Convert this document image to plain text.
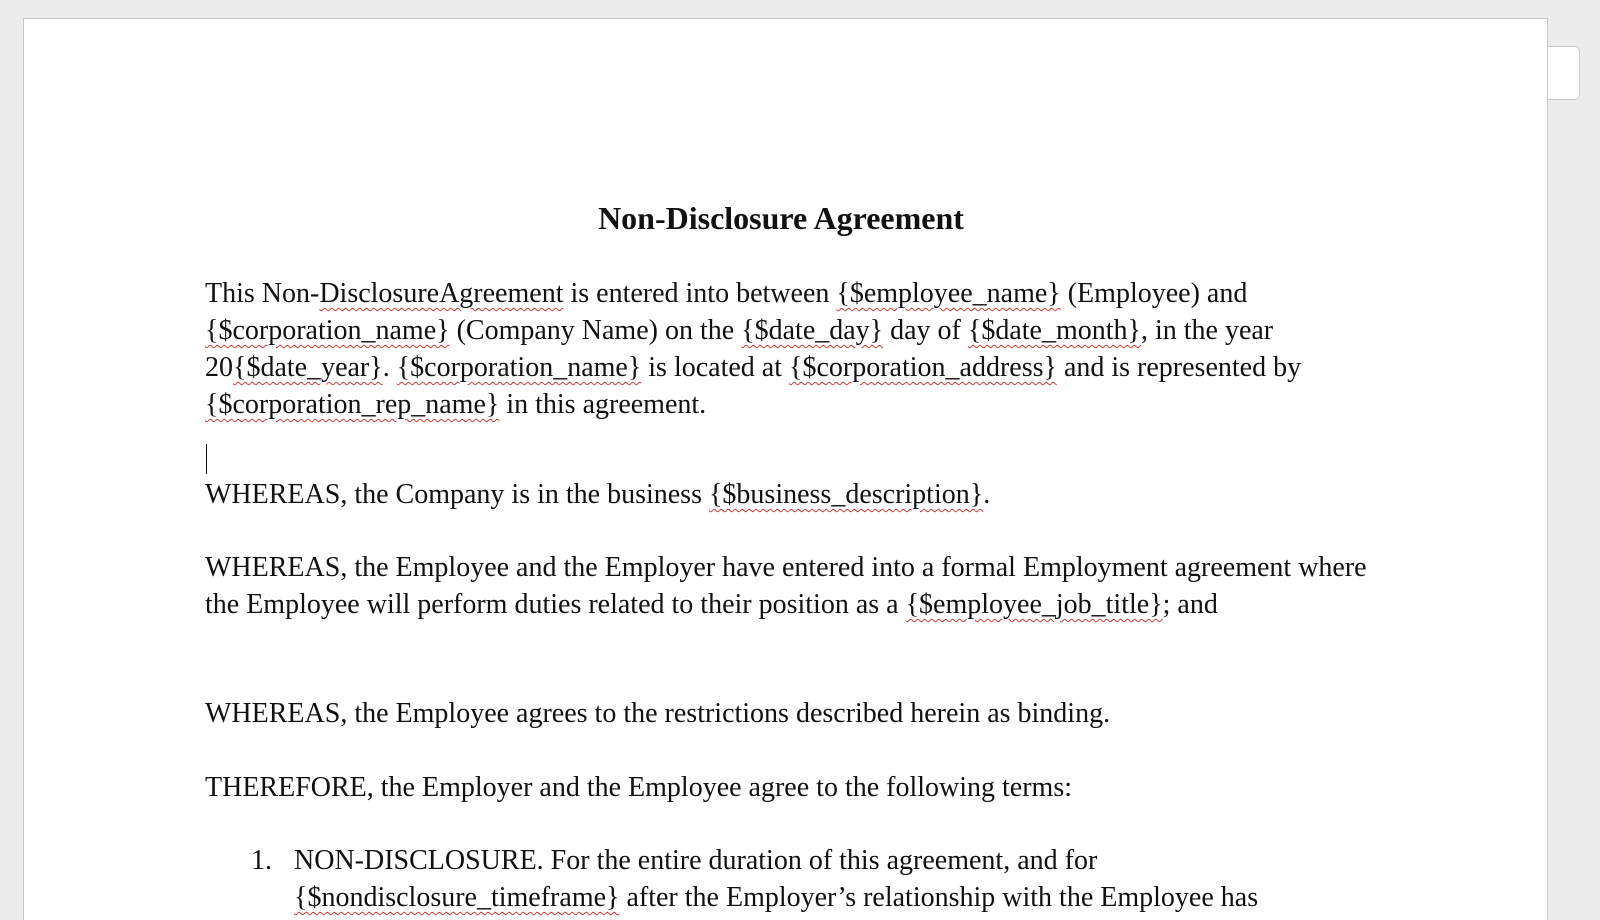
Non-Disclosure Agreement

This Non-DisclosureAgreement is entered into between {$employee_name} (Employee) and {$corporation_name} (Company Name) on the {$date_day} day of {$date_month}, in the year 20{$date_year}. {$corporation_name} is located at {$corporation_address} and is represented by {$corporation_rep_name} in this agreement.

WHEREAS, the Company is in the business {$business_description}.

WHEREAS, the Employee and the Employer have entered into a formal Employment agreement where the Employee will perform duties related to their position as a {$employee_job_title}; and

WHEREAS, the Employee agrees to the restrictions described herein as binding.

THEREFORE, the Employer and the Employee agree to the following terms:

1. NON-DISCLOSURE. For the entire duration of this agreement, and for {$nondisclosure_timeframe} after the Employer’s relationship with the Employee has
